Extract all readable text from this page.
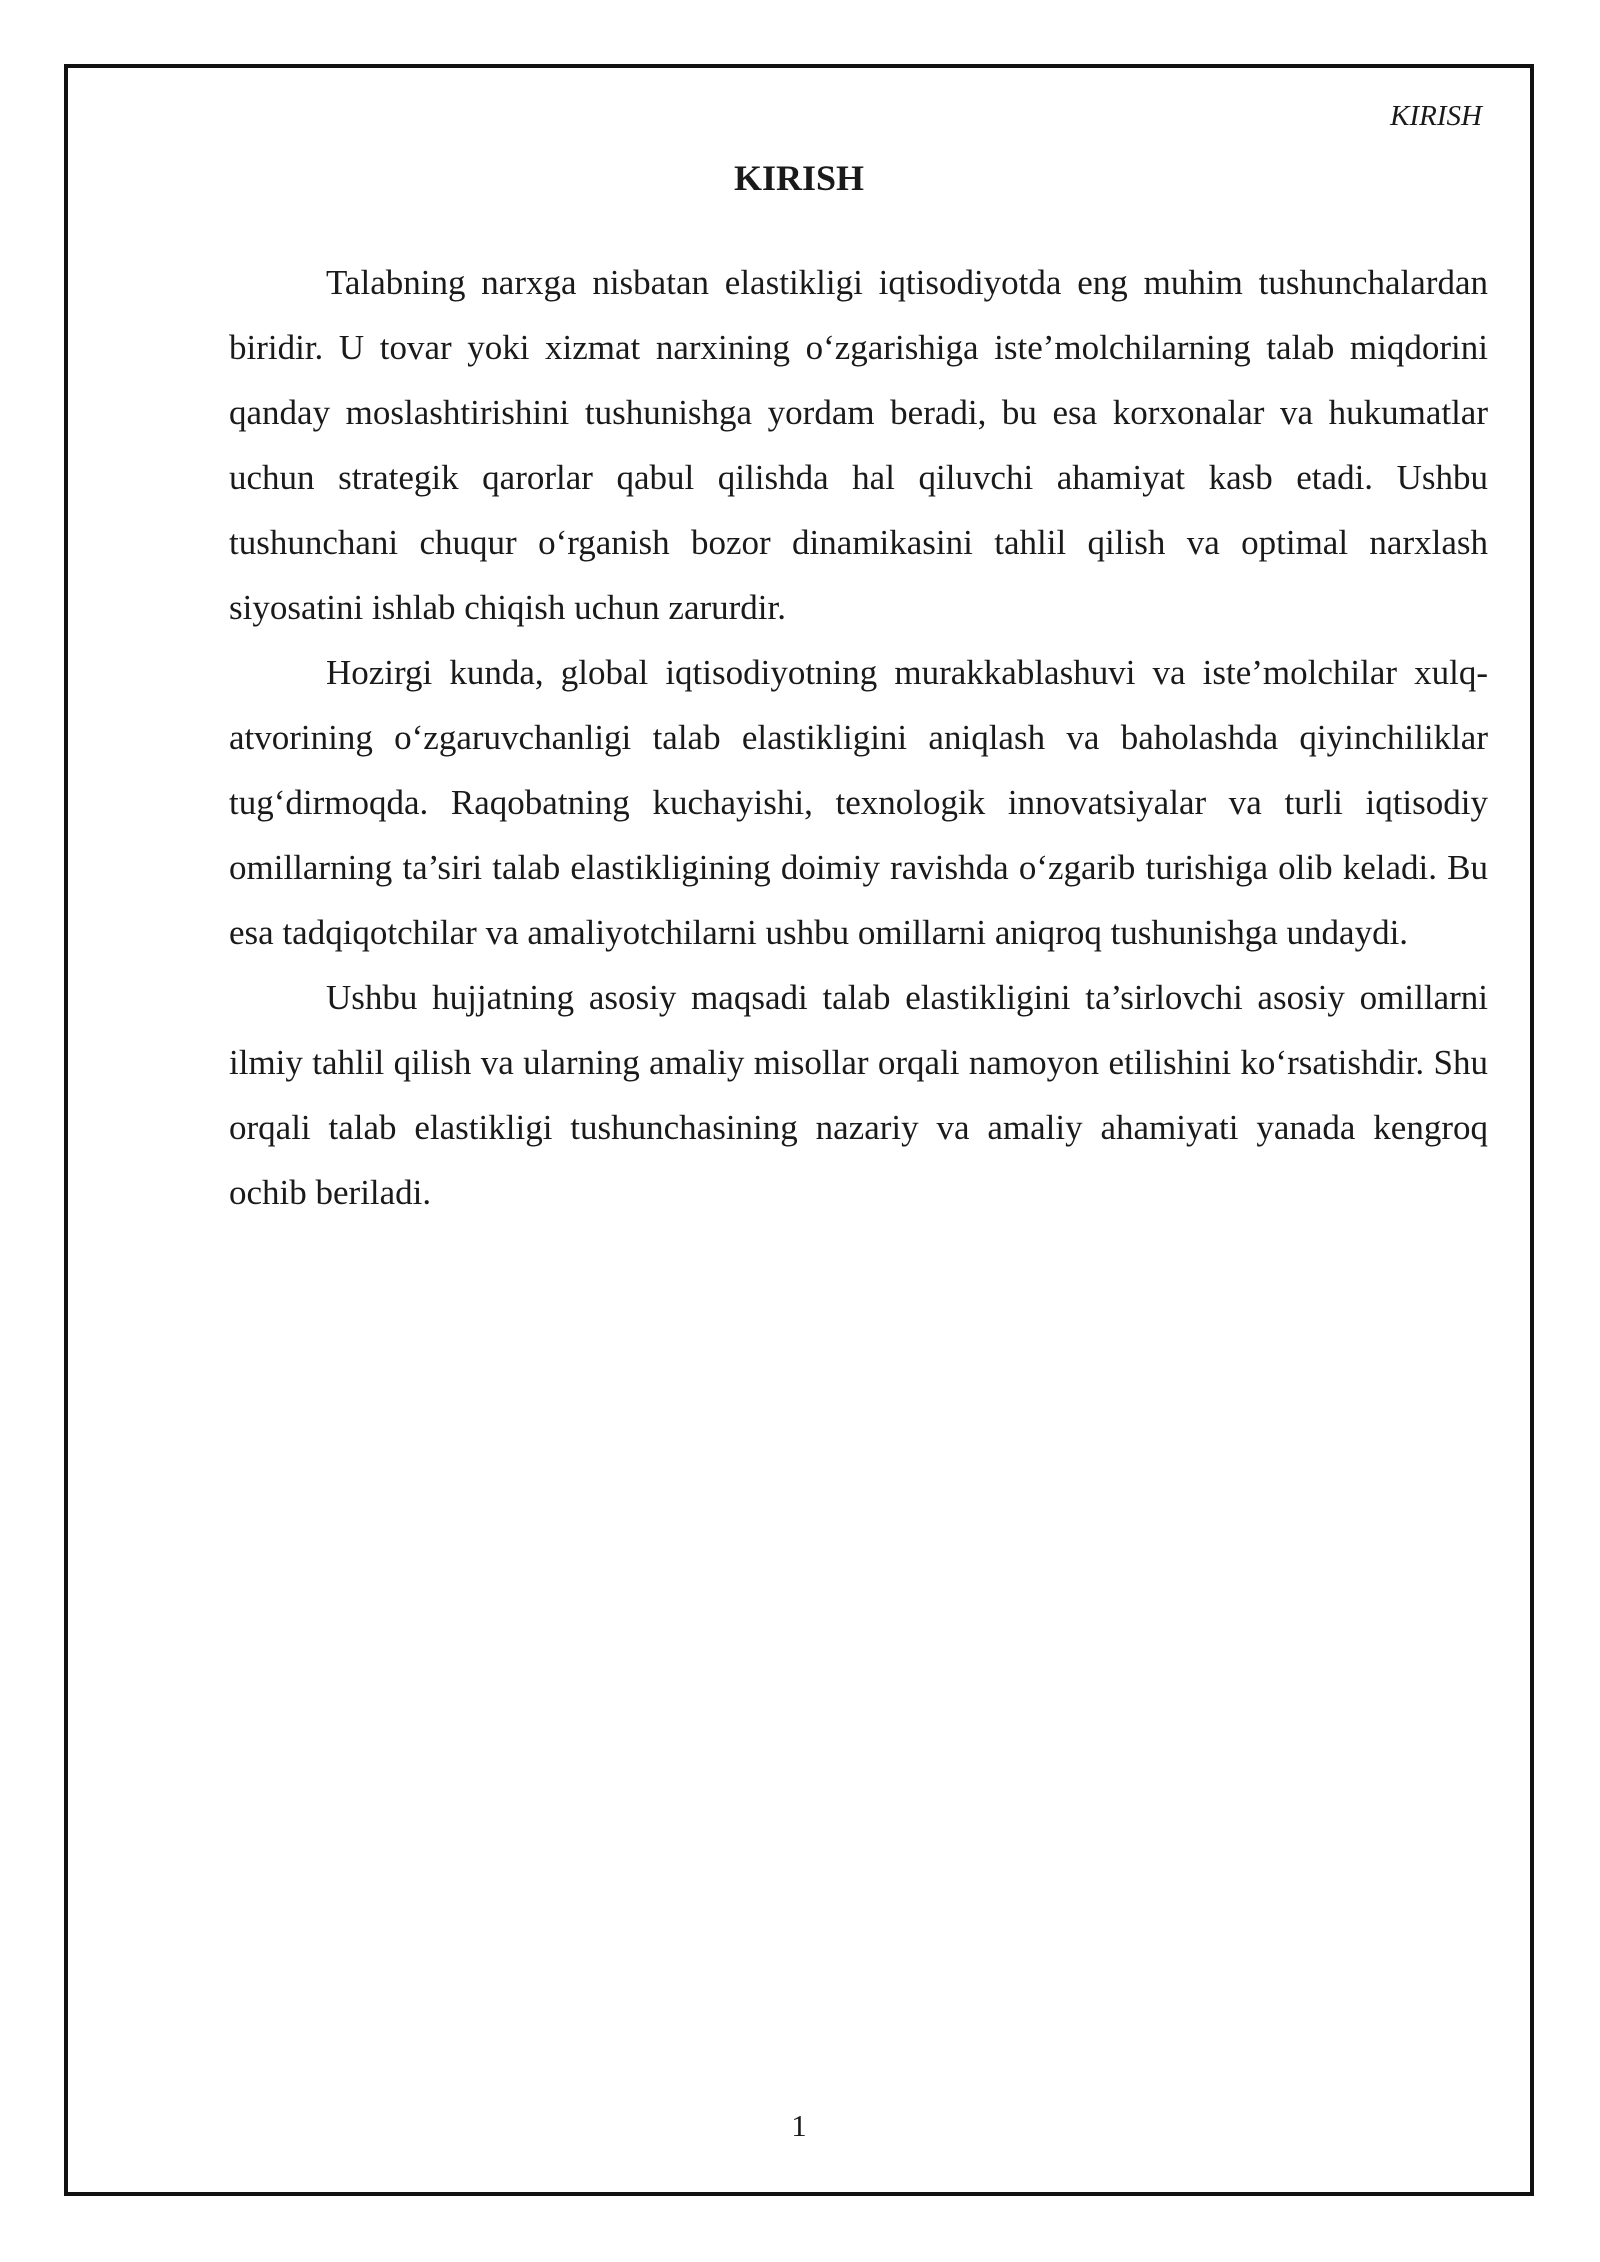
KIRISH
KIRISH

Talabning narxga nisbatan elastikligi iqtisodiyotda eng muhim tushunchalardan biridir. U tovar yoki xizmat narxining o‘zgarishiga iste’molchilarning talab miqdorini qanday moslashtirishini tushunishga yordam beradi, bu esa korxonalar va hukumatlar uchun strategik qarorlar qabul qilishda hal qiluvchi ahamiyat kasb etadi. Ushbu tushunchani chuqur o‘rganish bozor dinamikasini tahlil qilish va optimal narxlash siyosatini ishlab chiqish uchun zarurdir.

Hozirgi kunda, global iqtisodiyotning murakkablashuvi va iste’molchilar xulq-atvorining o‘zgaruvchanligi talab elastikligini aniqlash va baholashda qiyinchiliklar tug‘dirmoqda. Raqobatning kuchayishi, texnologik innovatsiyalar va turli iqtisodiy omillarning ta’siri talab elastikligining doimiy ravishda o‘zgarib turishiga olib keladi. Bu esa tadqiqotchilar va amaliyotchilarni ushbu omillarni aniqroq tushunishga undaydi.

Ushbu hujjatning asosiy maqsadi talab elastikligini ta’sirlovchi asosiy omillarni ilmiy tahlil qilish va ularning amaliy misollar orqali namoyon etilishini ko‘rsatishdir. Shu orqali talab elastikligi tushunchasining nazariy va amaliy ahamiyati yanada kengroq ochib beriladi.

1
